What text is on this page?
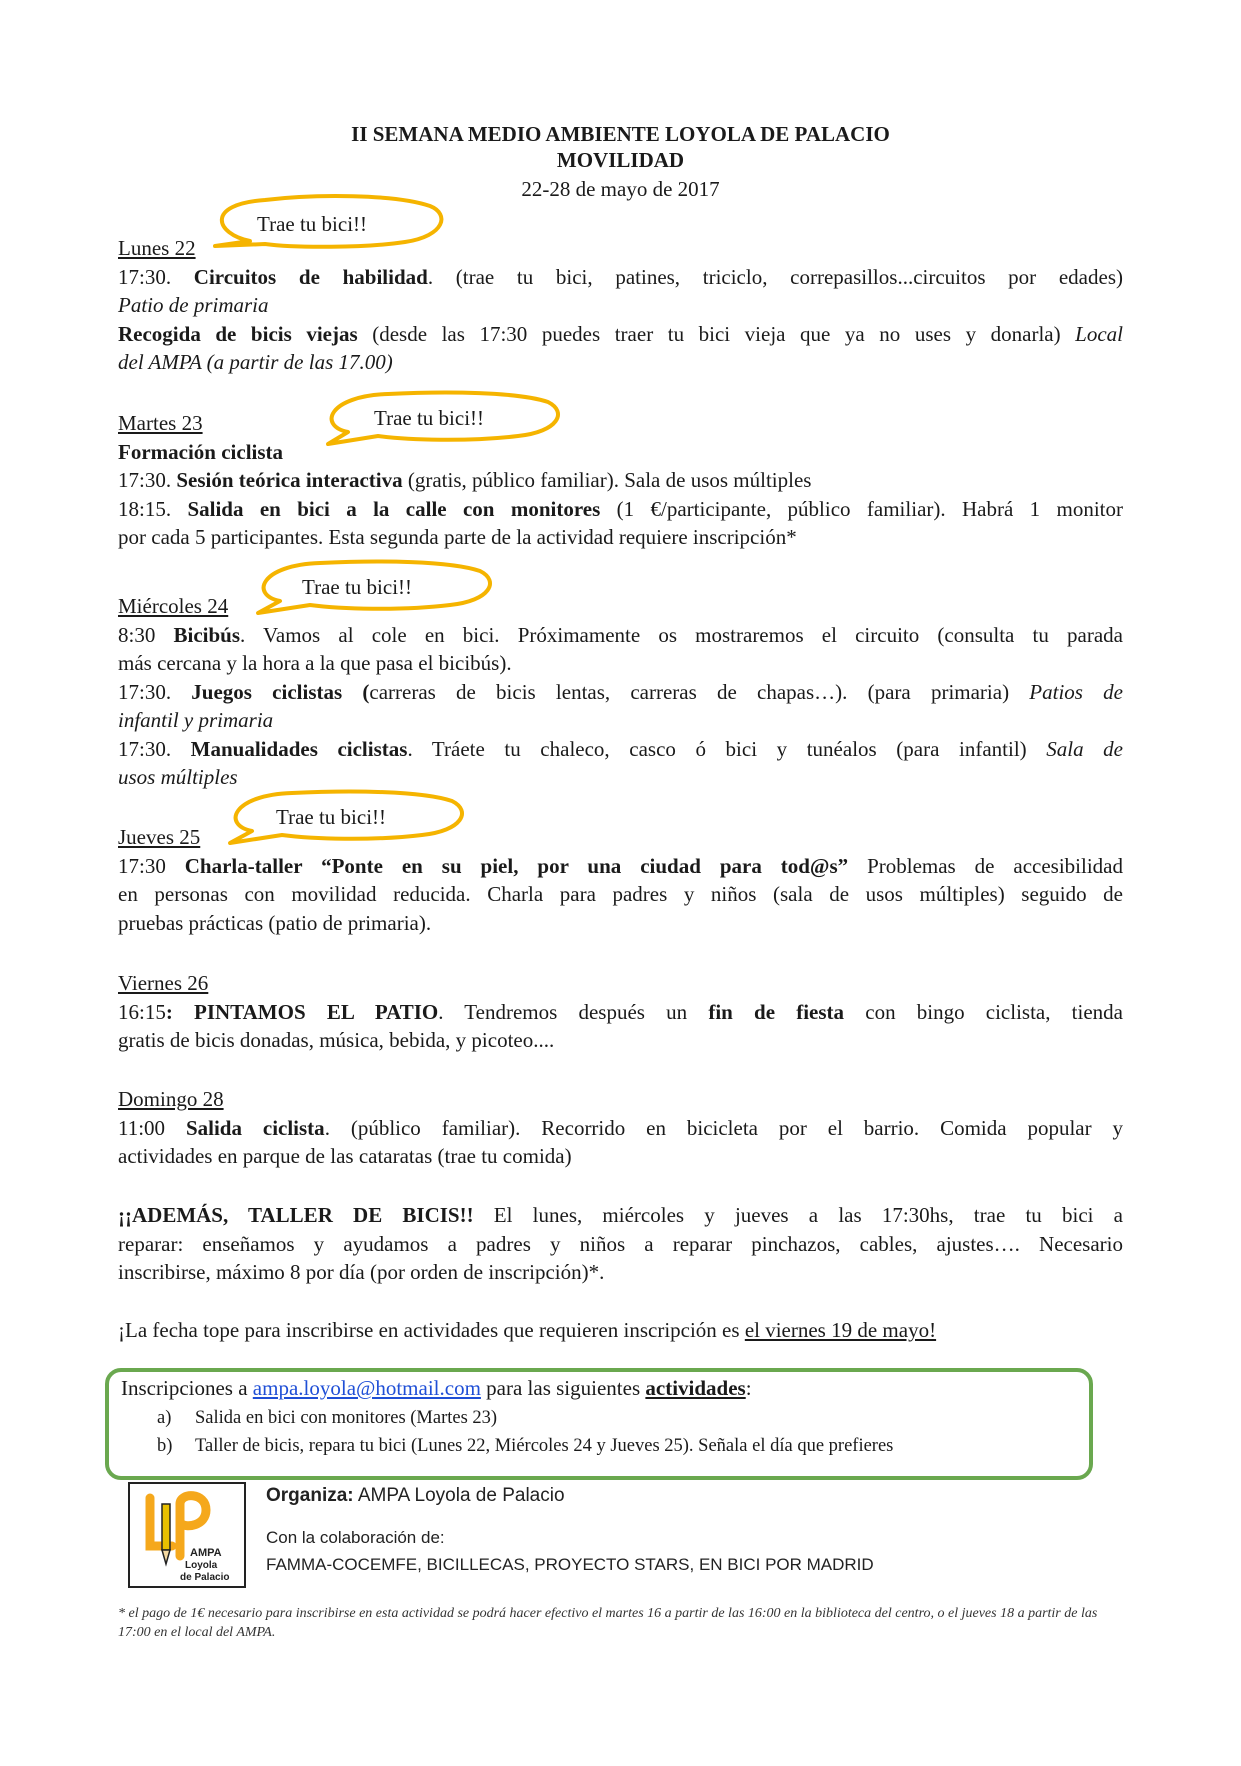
II SEMANA MEDIO AMBIENTE LOYOLA DE PALACIO
MOVILIDAD
22-28 de mayo de 2017
Trae tu bici!!
Trae tu bici!!
Trae tu bici!!
Trae tu bici!!
Lunes 22
17:30. Circuitos de habilidad. (trae tu bici, patines, triciclo, correpasillos...circuitos por edades)
Patio de primaria
Recogida de bicis viejas (desde las 17:30 puedes traer tu bici vieja que ya no uses y donarla) Local
del AMPA (a partir de las 17.00)
Martes 23
Formación ciclista
17:30. Sesión teórica interactiva (gratis, público familiar). Sala de usos múltiples
18:15. Salida en bici a la calle con monitores (1 €/participante, público familiar). Habrá 1 monitor
por cada 5 participantes. Esta segunda parte de la actividad requiere inscripción*
Miércoles 24
8:30 Bicibús. Vamos al cole en bici. Próximamente os mostraremos el circuito (consulta tu parada
más cercana y la hora a la que pasa el bicibús).
17:30. Juegos ciclistas (carreras de bicis lentas, carreras de chapas…). (para primaria) Patios de
infantil y primaria
17:30. Manualidades ciclistas. Tráete tu chaleco, casco ó bici y tunéalos (para infantil) Sala de
usos múltiples
Jueves 25
17:30 Charla-taller “Ponte en su piel, por una ciudad para tod@s” Problemas de accesibilidad
en personas con movilidad reducida. Charla para padres y niños (sala de usos múltiples) seguido de
pruebas prácticas (patio de primaria).
Viernes 26
16:15: PINTAMOS EL PATIO. Tendremos después un fin de fiesta con bingo ciclista, tienda
gratis de bicis donadas, música, bebida, y picoteo....
Domingo 28
11:00 Salida ciclista. (público familiar). Recorrido en bicicleta por el barrio. Comida popular y
actividades en parque de las cataratas (trae tu comida)
¡¡ADEMÁS, TALLER DE BICIS!! El lunes, miércoles y jueves a las 17:30hs, trae tu bici a
reparar: enseñamos y ayudamos a padres y niños a reparar pinchazos, cables, ajustes…. Necesario
inscribirse, máximo 8 por día (por orden de inscripción)*.
¡La fecha tope para inscribirse en actividades que requieren inscripción es el viernes 19 de mayo!
Inscripciones a ampa.loyola@hotmail.com para las siguientes actividades:
a) Salida en bici con monitores (Martes 23)
b) Taller de bicis, repara tu bici (Lunes 22, Miércoles 24 y Jueves 25). Señala el día que prefieres
AMPA
Loyola
de Palacio
Organiza: AMPA Loyola de Palacio
Con la colaboración de:
FAMMA-COCEMFE, BICILLECAS, PROYECTO STARS, EN BICI POR MADRID
* el pago de 1€ necesario para inscribirse en esta actividad se podrá hacer efectivo el martes 16 a partir de las 16:00 en la biblioteca del centro, o el jueves 18 a partir de las 17:00 en el local del AMPA.
